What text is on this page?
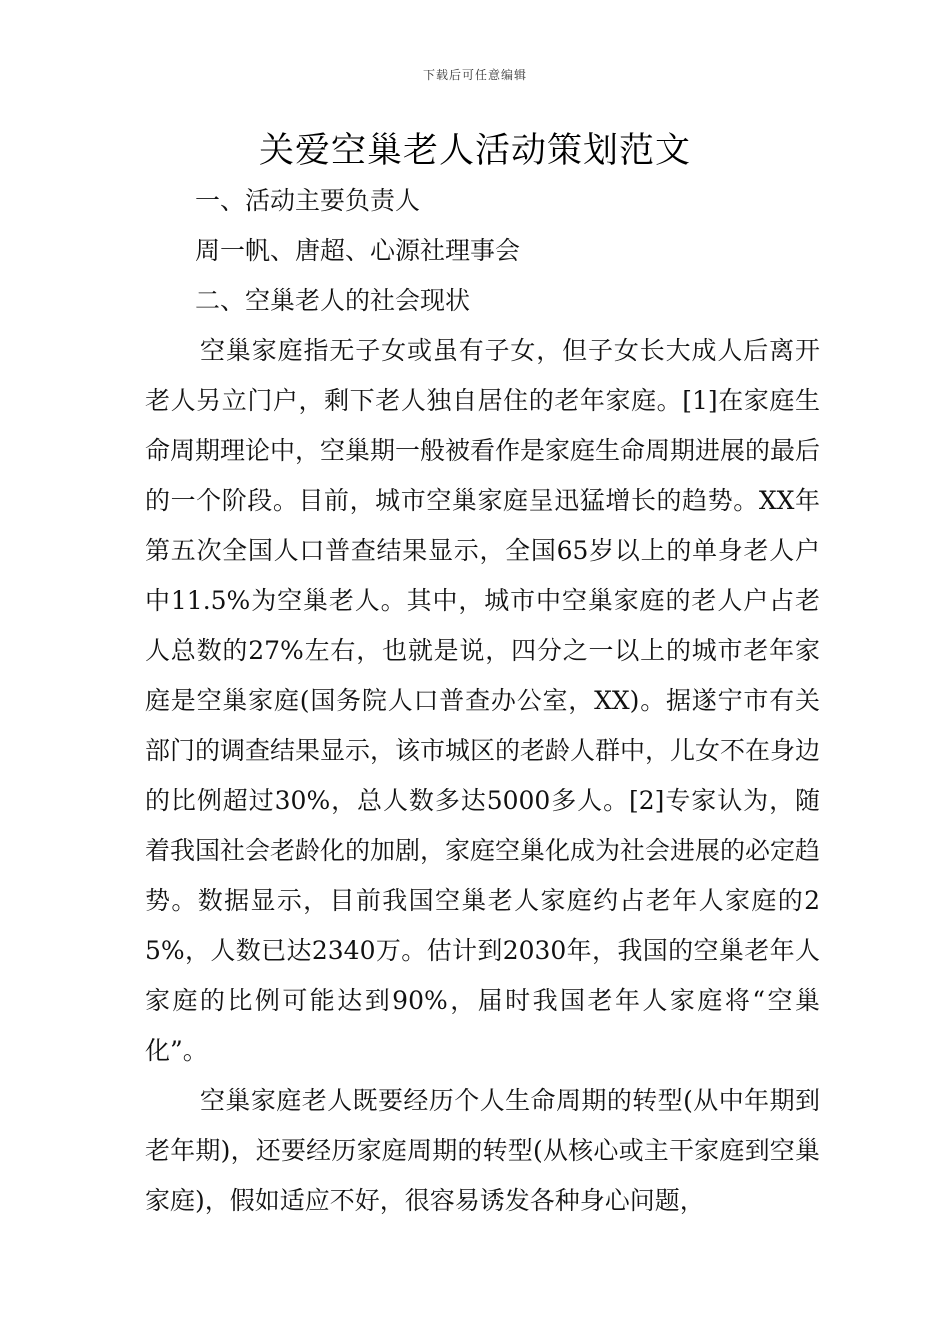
下载后可任意编辑
关爱空巢老人活动策划范文

一、活动主要负责人

周一帆、唐超、心源社理事会

二、空巢老人的社会现状

空巢家庭指无子女或虽有子女，但子女长大成人后离开老人另立门户，剩下老人独自居住的老年家庭。[1]在家庭生命周期理论中，空巢期一般被看作是家庭生命周期进展的最后的一个阶段。目前，城市空巢家庭呈迅猛增长的趋势。XX年第五次全国人口普查结果显示，全国65岁以上的单身老人户中11.5%为空巢老人。其中，城市中空巢家庭的老人户占老人总数的27%左右，也就是说，四分之一以上的城市老年家庭是空巢家庭(国务院人口普查办公室，XX)。据遂宁市有关部门的调查结果显示，该市城区的老龄人群中，儿女不在身边的比例超过30%，总人数多达5000多人。[2]专家认为，随着我国社会老龄化的加剧，家庭空巢化成为社会进展的必定趋势。数据显示，目前我国空巢老人家庭约占老年人家庭的25%，人数已达2340万。估计到2030年，我国的空巢老年人家庭的比例可能达到90%，届时我国老年人家庭将“空巢化”。

空巢家庭老人既要经历个人生命周期的转型(从中年期到老年期)，还要经历家庭周期的转型(从核心或主干家庭到空巢家庭)，假如适应不好，很容易诱发各种身心问题，
